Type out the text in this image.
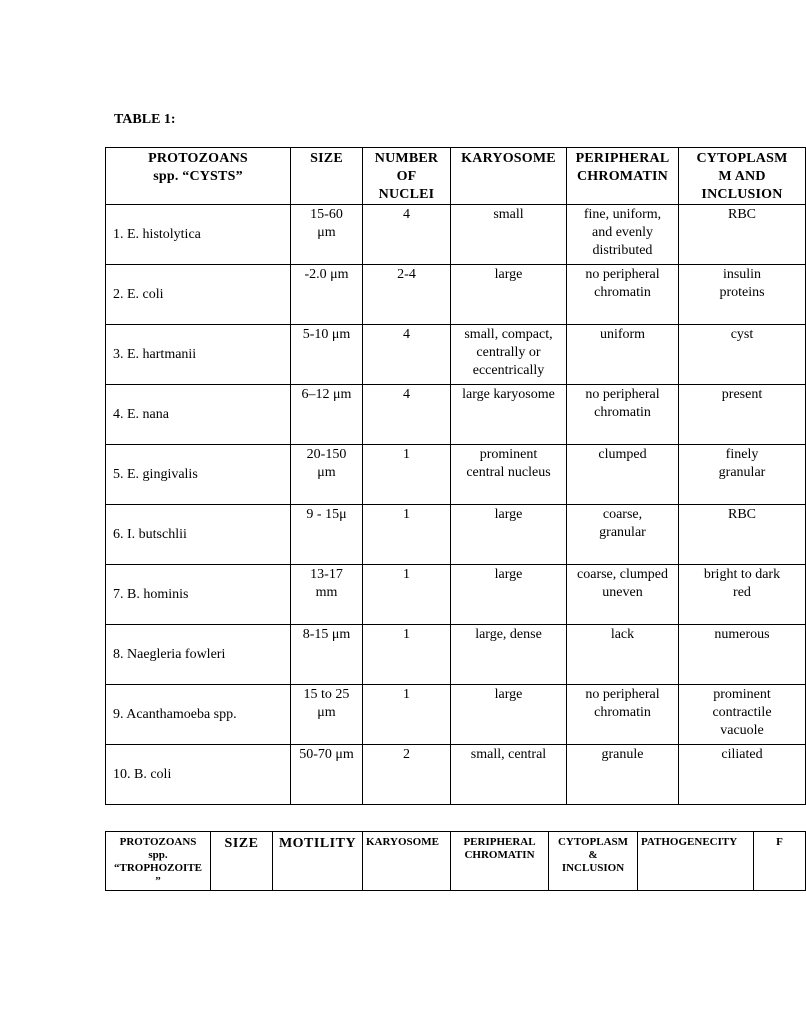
TABLE 1:
PROTOZOANS
spp. “CYSTS”	SIZE	NUMBER
OF
NUCLEI	KARYOSOME	PERIPHERAL
CHROMATIN	CYTOPLASM
M AND
INCLUSION
1. E. histolytica	15-60
μm	4	small	fine, uniform,
and evenly
distributed	RBC
2. E. coli	-2.0 μm	2-4	large	no peripheral
chromatin	insulin
proteins
3. E. hartmanii	5-10 μm	4	small, compact,
centrally or
eccentrically	uniform	cyst
4. E. nana	6–12 μm	4	large karyosome	no peripheral
chromatin	present
5. E. gingivalis	20-150
μm	1	prominent
central nucleus	clumped	finely
granular
6. I. butschlii	9 - 15μ	1	large	coarse,
granular	RBC
7. B. hominis	13-17
mm	1	large	coarse, clumped
uneven	bright to dark
red
8. Naegleria fowleri	8-15 μm	1	large, dense	lack	numerous
9. Acanthamoeba spp.	15 to 25
μm	1	large	no peripheral
chromatin	prominent
contractile
vacuole
10. B. coli	50-70 μm	2	small, central	granule	ciliated
PROTOZOANS
spp.
“TROPHOZOITE
”	SIZE	MOTILITY	KARYOSOME	PERIPHERAL
CHROMATIN	CYTOPLASM
&
INCLUSION	PATHOGENECITY	F
